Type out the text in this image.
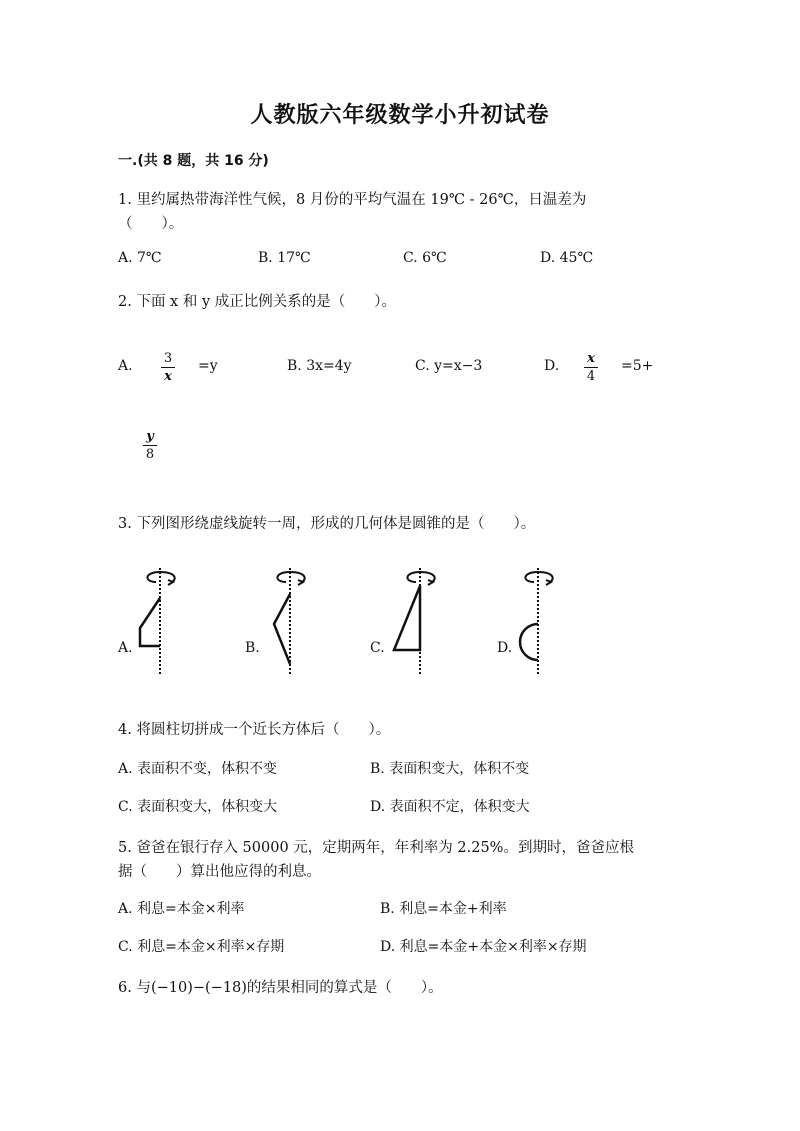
人教版六年级数学小升初试卷
一.(共 8 题，共 16 分)
1. 里约属热带海洋性气候，8 月份的平均气温在 19℃ - 26℃，日温差为
（　　）。
A. 7℃	B. 17℃	C. 6℃	D. 45℃
2. 下面 x 和 y 成正比例关系的是（　　）。
A. 3
x
=y	B. 3x=4y	C. y=x−3	D. x
4
=5+
y
8
3. 下列图形绕虚线旋转一周，形成的几何体是圆锥的是（　　）。
A.	B.	C.	D.
4. 将圆柱切拼成一个近长方体后（　　）。
A. 表面积不变，体积不变	B. 表面积变大，体积不变
C. 表面积变大，体积变大	D. 表面积不定，体积变大
5. 爸爸在银行存入 50000 元，定期两年，年利率为 2.25%。到期时，爸爸应根
据（　　）算出他应得的利息。
A. 利息=本金×利率	B. 利息=本金+利率
C. 利息=本金×利率×存期	D. 利息=本金+本金×利率×存期
6. 与(−10)−(−18)的结果相同的算式是（　　）。
